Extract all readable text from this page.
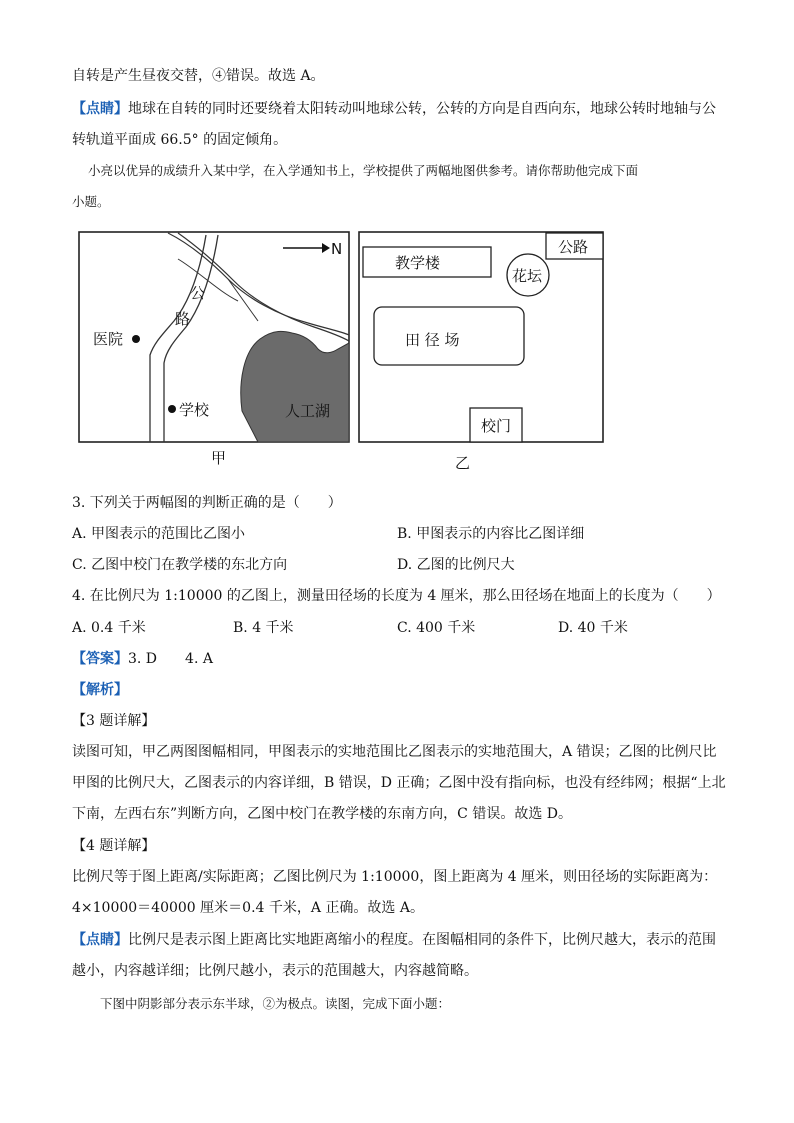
自转是产生昼夜交替，④错误。故选 A。
【点睛】地球在自转的同时还要绕着太阳转动叫地球公转，公转的方向是自西向东，地球公转时地轴与公
转轨道平面成 66.5° 的固定倾角。
小亮以优异的成绩升入某中学，在入学通知书上，学校提供了两幅地图供参考。请你帮助他完成下面
小题。
N
公
路
医院
学校	人工湖
甲
教学楼
公路
花坛
田 径 场
校门
乙
3. 下列关于两幅图的判断正确的是（　　）
A. 甲图表示的范围比乙图小	B. 甲图表示的内容比乙图详细
C. 乙图中校门在教学楼的东北方向	D. 乙图的比例尺大
4. 在比例尺为 1:10000 的乙图上，测量田径场的长度为 4 厘米，那么田径场在地面上的长度为（　　）
A. 0.4 千米	B. 4 千米	C. 400 千米	D. 40 千米
【答案】3. D　　4. A
【解析】
【3 题详解】
读图可知，甲乙两图图幅相同，甲图表示的实地范围比乙图表示的实地范围大，A 错误；乙图的比例尺比
甲图的比例尺大，乙图表示的内容详细，B 错误，D 正确；乙图中没有指向标，也没有经纬网；根据“上北
下南，左西右东”判断方向，乙图中校门在教学楼的东南方向，C 错误。故选 D。
【4 题详解】
比例尺等于图上距离/实际距离；乙图比例尺为 1:10000，图上距离为 4 厘米，则田径场的实际距离为：
4×10000＝40000 厘米＝0.4 千米，A 正确。故选 A。
【点睛】比例尺是表示图上距离比实地距离缩小的程度。在图幅相同的条件下，比例尺越大，表示的范围
越小，内容越详细；比例尺越小，表示的范围越大，内容越简略。
下图中阴影部分表示东半球，②为极点。读图，完成下面小题：
